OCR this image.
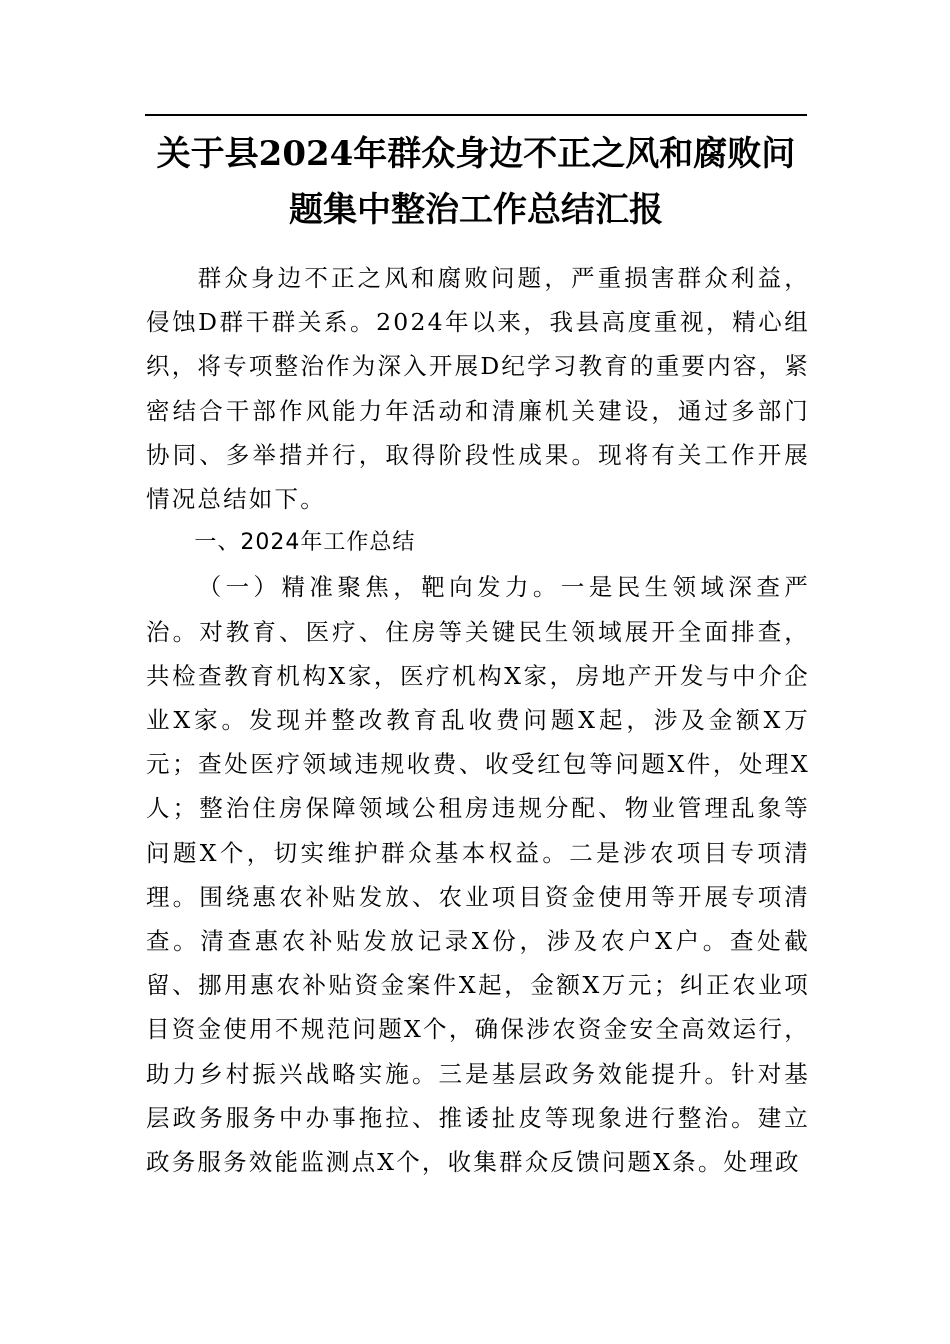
关于县2024年群众身边不正之风和腐败问
题集中整治工作总结汇报

群众身边不正之风和腐败问题，严重损害群众利益，侵蚀D群干群关系。2024年以来，我县高度重视，精心组织，将专项整治作为深入开展D纪学习教育的重要内容，紧密结合干部作风能力年活动和清廉机关建设，通过多部门协同、多举措并行，取得阶段性成果。现将有关工作开展情况总结如下。

一、2024年工作总结

（一）精准聚焦，靶向发力。一是民生领域深查严治。对教育、医疗、住房等关键民生领域展开全面排查，共检查教育机构X家，医疗机构X家，房地产开发与中介企业X家。发现并整改教育乱收费问题X起，涉及金额X万元；查处医疗领域违规收费、收受红包等问题X件，处理X人；整治住房保障领域公租房违规分配、物业管理乱象等问题X个，切实维护群众基本权益。二是涉农项目专项清理。围绕惠农补贴发放、农业项目资金使用等开展专项清查。清查惠农补贴发放记录X份，涉及农户X户。查处截留、挪用惠农补贴资金案件X起，金额X万元；纠正农业项目资金使用不规范问题X个，确保涉农资金安全高效运行，助力乡村振兴战略实施。三是基层政务效能提升。针对基层政务服务中办事拖拉、推诿扯皮等现象进行整治。建立政务服务效能监测点X个，收集群众反馈问题X条。处理政
